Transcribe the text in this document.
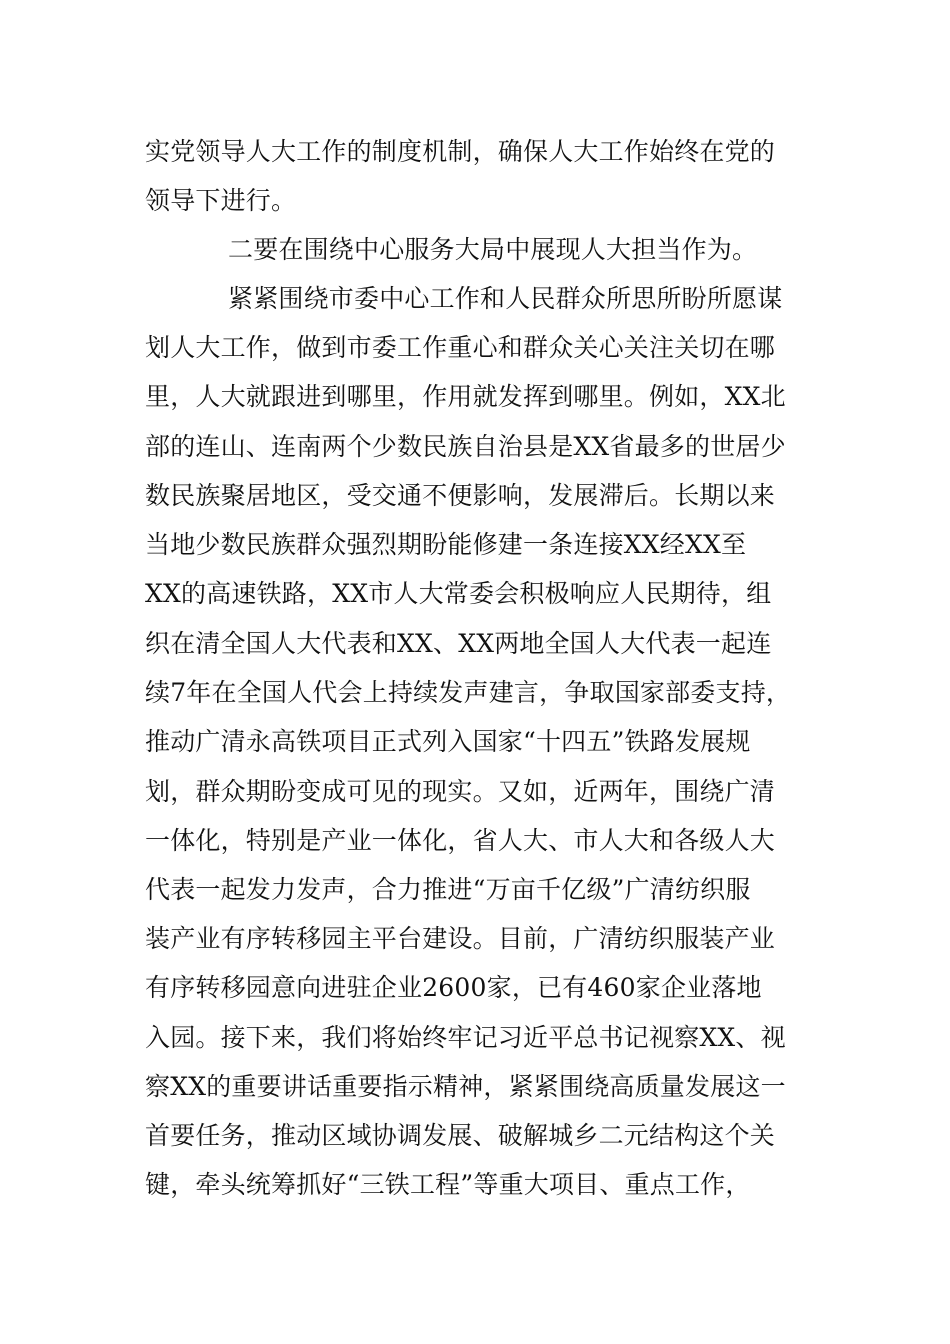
实党领导人大工作的制度机制，确保人大工作始终在党的
领导下进行。
二要在围绕中心服务大局中展现人大担当作为。
紧紧围绕市委中心工作和人民群众所思所盼所愿谋
划人大工作，做到市委工作重心和群众关心关注关切在哪
里，人大就跟进到哪里，作用就发挥到哪里。例如，XX北
部的连山、连南两个少数民族自治县是XX省最多的世居少
数民族聚居地区，受交通不便影响，发展滞后。长期以来
当地少数民族群众强烈期盼能修建一条连接XX经XX至
XX的高速铁路，XX市人大常委会积极响应人民期待，组
织在清全国人大代表和XX、XX两地全国人大代表一起连
续7年在全国人代会上持续发声建言，争取国家部委支持，
推动广清永高铁项目正式列入国家“十四五”铁路发展规
划，群众期盼变成可见的现实。又如，近两年，围绕广清
一体化，特别是产业一体化，省人大、市人大和各级人大
代表一起发力发声，合力推进“万亩千亿级”广清纺织服
装产业有序转移园主平台建设。目前，广清纺织服装产业
有序转移园意向进驻企业2600家，已有460家企业落地
入园。接下来，我们将始终牢记习近平总书记视察XX、视
察XX的重要讲话重要指示精神，紧紧围绕高质量发展这一
首要任务，推动区域协调发展、破解城乡二元结构这个关
键，牵头统筹抓好“三铁工程”等重大项目、重点工作，
